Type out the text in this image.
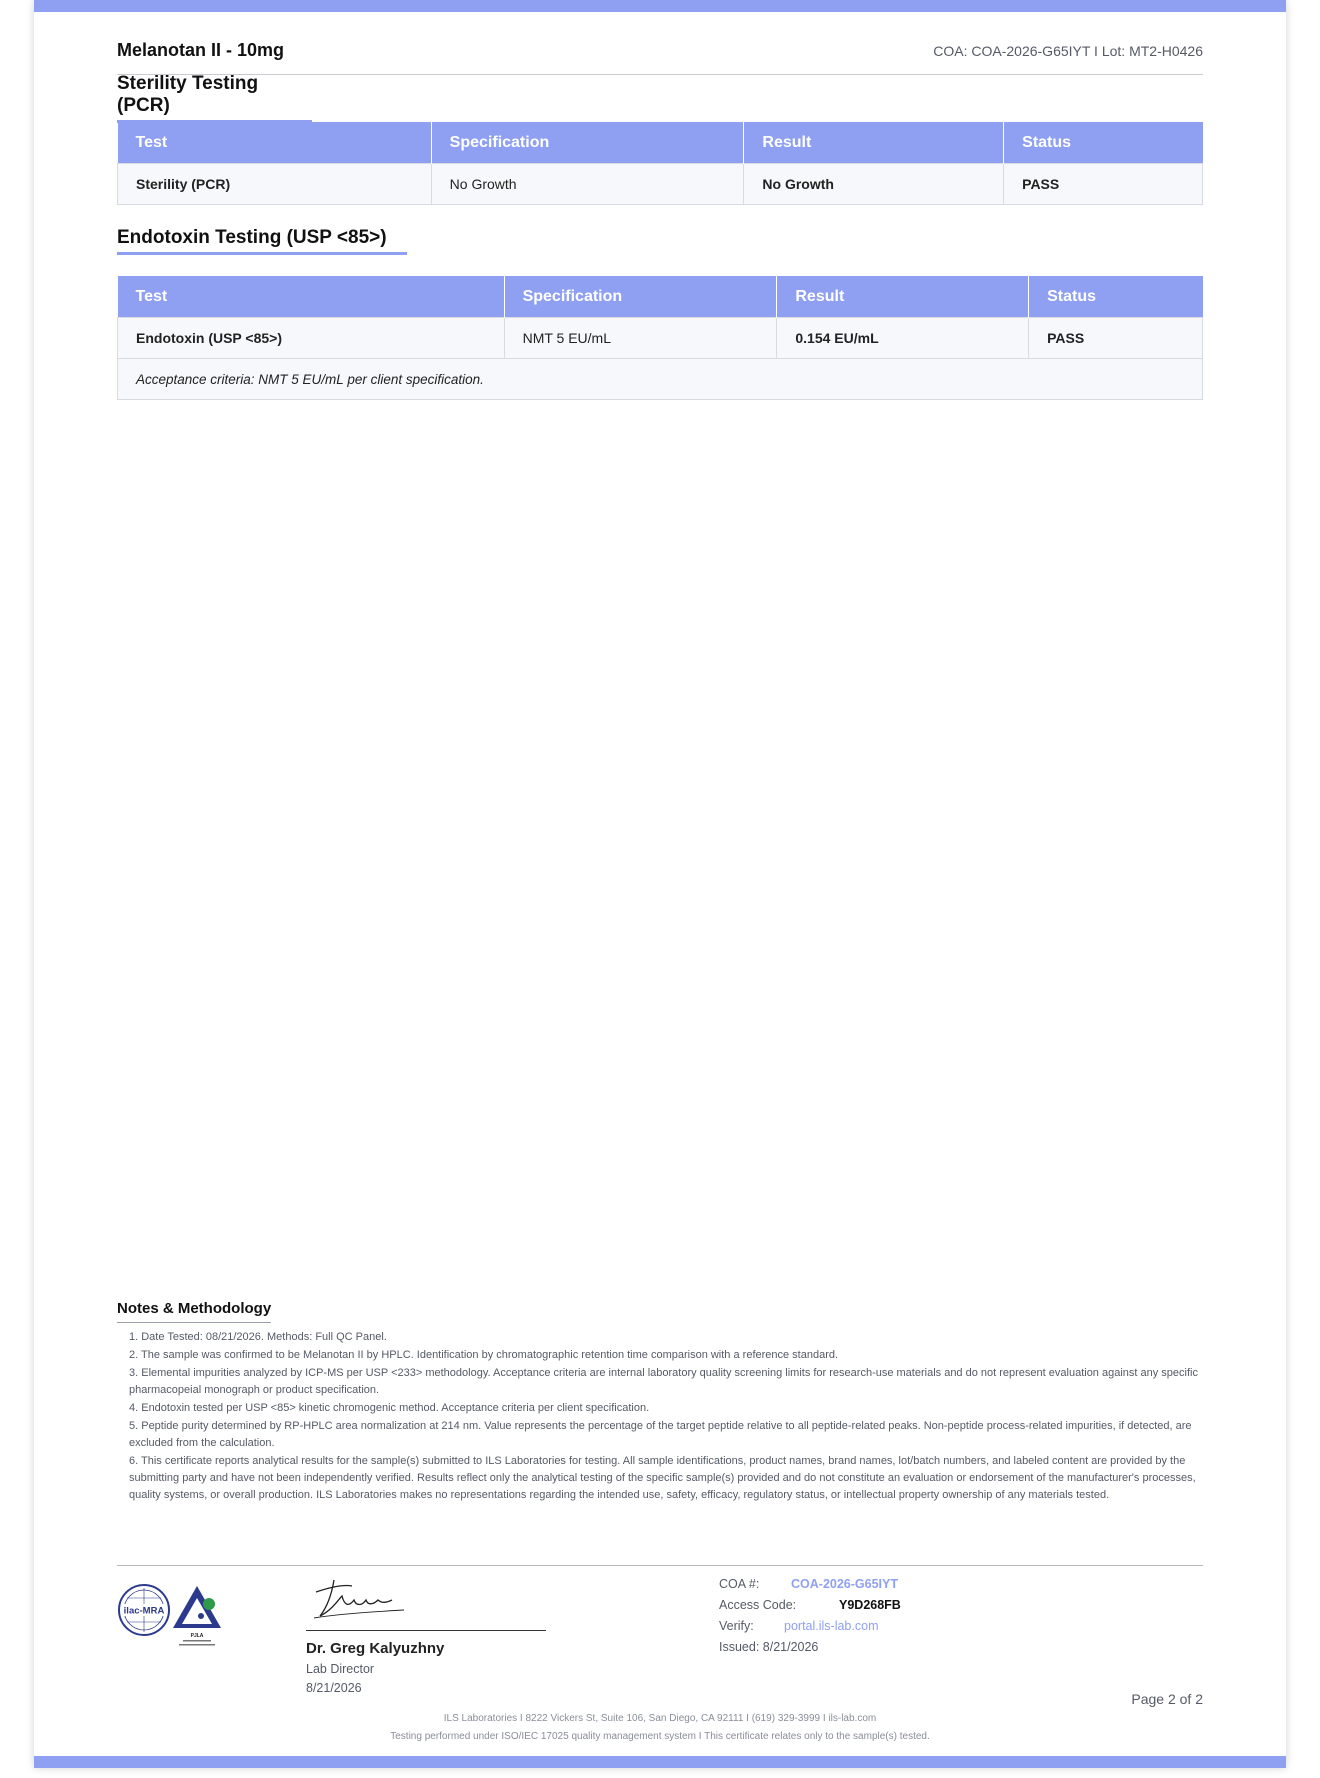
Melanotan II - 10mg	COA: COA-2026-G65IYT I Lot: MT2-H0426
Sterility Testing (PCR)
Test	Specification	Result	Status
Sterility (PCR)	No Growth	No Growth	PASS
Endotoxin Testing (USP <85>)
Test	Specification	Result	Status
Endotoxin (USP <85>)	NMT 5 EU/mL	0.154 EU/mL	PASS
Acceptance criteria: NMT 5 EU/mL per client specification.			
Notes & Methodology
1. Date Tested: 08/21/2026. Methods: Full QC Panel.
2. The sample was confirmed to be Melanotan II by HPLC. Identification by chromatographic retention time comparison with a reference standard.
3. Elemental impurities analyzed by ICP-MS per USP <233> methodology. Acceptance criteria are internal laboratory quality screening limits for research-use materials and do not represent evaluation against any specific pharmacopeial monograph or product specification.
4. Endotoxin tested per USP <85> kinetic chromogenic method. Acceptance criteria per client specification.
5. Peptide purity determined by RP-HPLC area normalization at 214 nm. Value represents the percentage of the target peptide relative to all peptide-related peaks. Non-peptide process-related impurities, if detected, are excluded from the calculation.
6. This certificate reports analytical results for the sample(s) submitted to ILS Laboratories for testing. All sample identifications, product names, brand names, lot/batch numbers, and labeled content are provided by the submitting party and have not been independently verified. Results reflect only the analytical testing of the specific sample(s) provided and do not constitute an evaluation or endorsement of the manufacturer's processes, quality systems, or overall production. ILS Laboratories makes no representations regarding the intended use, safety, efficacy, regulatory status, or intellectual property ownership of any materials tested.
ilac-MRA
PJLA
Dr. Greg Kalyuzhny
Lab Director
8/21/2026
COA #:	COA-2026-G65IYT
Access Code:	Y9D268FB
Verify: portal.ils-lab.com
Issued: 8/21/2026
Page 2 of 2
ILS Laboratories I 8222 Vickers St, Suite 106, San Diego, CA 92111 I (619) 329-3999 I ils-lab.com
Testing performed under ISO/IEC 17025 quality management system I This certificate relates only to the sample(s) tested.
